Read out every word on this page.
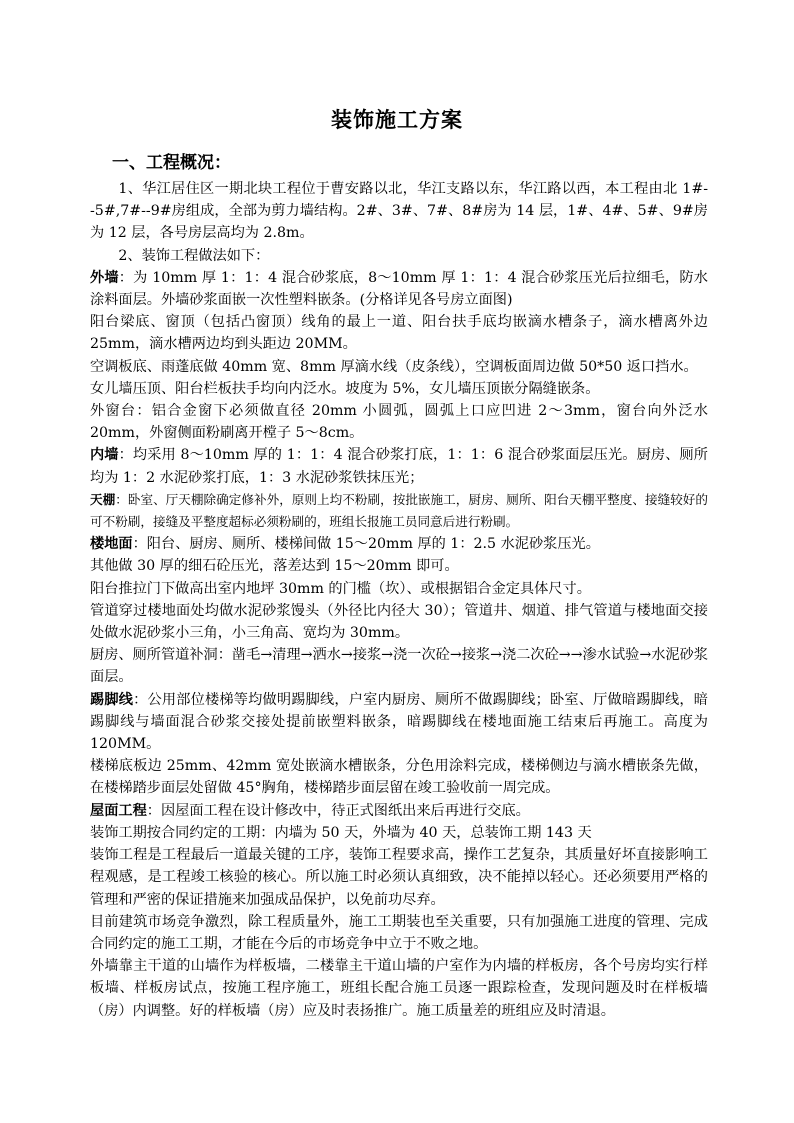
装饰施工方案
一、工程概况：

1、华江居住区一期北块工程位于曹安路以北，华江支路以东，华江路以西，本工程由北 1#--5#,7#--9#房组成，全部为剪力墙结构。2#、3#、7#、8#房为 14 层，1#、4#、5#、9#房为 12 层，各号房层高均为 2.8m。

2、装饰工程做法如下：

外墙：为 10mm 厚 1：1：4 混合砂浆底，8～10mm 厚 1：1：4 混合砂浆压光后拉细毛，防水涂料面层。外墙砂浆面嵌一次性塑料嵌条。(分格详见各号房立面图)

阳台梁底、窗顶（包括凸窗顶）线角的最上一道、阳台扶手底均嵌滴水槽条子，滴水槽离外边 25mm，滴水槽两边均到头距边 20MM。

空调板底、雨蓬底做 40mm 宽、8mm 厚滴水线（皮条线），空调板面周边做 50*50 返口挡水。

女儿墙压顶、阳台栏板扶手均向内泛水。坡度为 5%，女儿墙压顶嵌分隔缝嵌条。

外窗台：铝合金窗下必须做直径 20mm 小圆弧，圆弧上口应凹进 2～3mm，窗台向外泛水 20mm，外窗侧面粉刷离开樘子 5～8cm。

内墙：均采用 8～10mm 厚的 1：1：4 混合砂浆打底，1：1：6 混合砂浆面层压光。厨房、厕所均为 1：2 水泥砂浆打底，1：3 水泥砂浆铁抹压光；

天棚：卧室、厅天棚除确定修补外，原则上均不粉刷，按批嵌施工，厨房、厕所、阳台天棚平整度、接缝较好的可不粉刷，接缝及平整度超标必须粉刷的，班组长报施工员同意后进行粉刷。

楼地面：阳台、厨房、厕所、楼梯间做 15～20mm 厚的 1：2.5 水泥砂浆压光。

其他做 30 厚的细石砼压光，落差达到 15～20mm 即可。

阳台推拉门下做高出室内地坪 30mm 的门槛（坎）、或根据铝合金定具体尺寸。

管道穿过楼地面处均做水泥砂浆馒头（外径比内径大 30）；管道井、烟道、排气管道与楼地面交接处做水泥砂浆小三角，小三角高、宽均为 30mm。

厨房、厕所管道补洞：凿毛→清理→洒水→接浆→浇一次砼→接浆→浇二次砼→→渗水试验→水泥砂浆面层。

踢脚线：公用部位楼梯等均做明踢脚线，户室内厨房、厕所不做踢脚线；卧室、厅做暗踢脚线，暗踢脚线与墙面混合砂浆交接处提前嵌塑料嵌条，暗踢脚线在楼地面施工结束后再施工。高度为 120MM。

楼梯底板边 25mm、42mm 宽处嵌滴水槽嵌条，分色用涂料完成，楼梯侧边与滴水槽嵌条先做，在楼梯踏步面层处留做 45°胸角，楼梯踏步面层留在竣工验收前一周完成。

屋面工程：因屋面工程在设计修改中，待正式图纸出来后再进行交底。

装饰工期按合同约定的工期：内墙为 50 天，外墙为 40 天，总装饰工期 143 天

装饰工程是工程最后一道最关键的工序，装饰工程要求高，操作工艺复杂，其质量好坏直接影响工程观感，是工程竣工核验的核心。所以施工时必须认真细致，决不能掉以轻心。还必须要用严格的管理和严密的保证措施来加强成品保护，以免前功尽弃。

目前建筑市场竞争激烈，除工程质量外，施工工期装也至关重要，只有加强施工进度的管理、完成合同约定的施工工期，才能在今后的市场竞争中立于不败之地。

外墙靠主干道的山墙作为样板墙，二楼靠主干道山墙的户室作为内墙的样板房，各个号房均实行样板墙、样板房试点，按施工程序施工，班组长配合施工员逐一跟踪检查，发现问题及时在样板墙（房）内调整。好的样板墙（房）应及时表扬推广。施工质量差的班组应及时清退。
